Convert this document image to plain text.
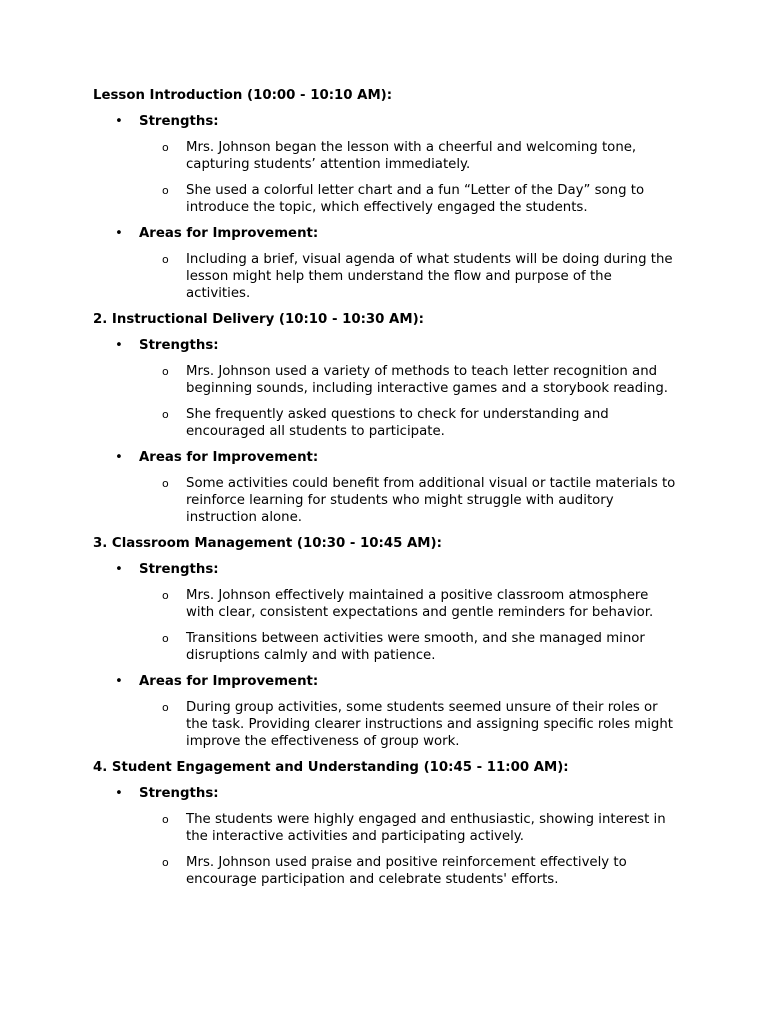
Lesson Introduction (10:00 - 10:10 AM):
• Strengths:
o Mrs. Johnson began the lesson with a cheerful and welcoming tone, capturing students’ attention immediately.
o She used a colorful letter chart and a fun “Letter of the Day” song to introduce the topic, which effectively engaged the students.
• Areas for Improvement:
o Including a brief, visual agenda of what students will be doing during the lesson might help them understand the flow and purpose of the activities.
2. Instructional Delivery (10:10 - 10:30 AM):
• Strengths:
o Mrs. Johnson used a variety of methods to teach letter recognition and beginning sounds, including interactive games and a storybook reading.
o She frequently asked questions to check for understanding and encouraged all students to participate.
• Areas for Improvement:
o Some activities could benefit from additional visual or tactile materials to reinforce learning for students who might struggle with auditory instruction alone.
3. Classroom Management (10:30 - 10:45 AM):
• Strengths:
o Mrs. Johnson effectively maintained a positive classroom atmosphere with clear, consistent expectations and gentle reminders for behavior.
o Transitions between activities were smooth, and she managed minor disruptions calmly and with patience.
• Areas for Improvement:
o During group activities, some students seemed unsure of their roles or the task. Providing clearer instructions and assigning specific roles might improve the effectiveness of group work.
4. Student Engagement and Understanding (10:45 - 11:00 AM):
• Strengths:
o The students were highly engaged and enthusiastic, showing interest in the interactive activities and participating actively.
o Mrs. Johnson used praise and positive reinforcement effectively to encourage participation and celebrate students' efforts.
